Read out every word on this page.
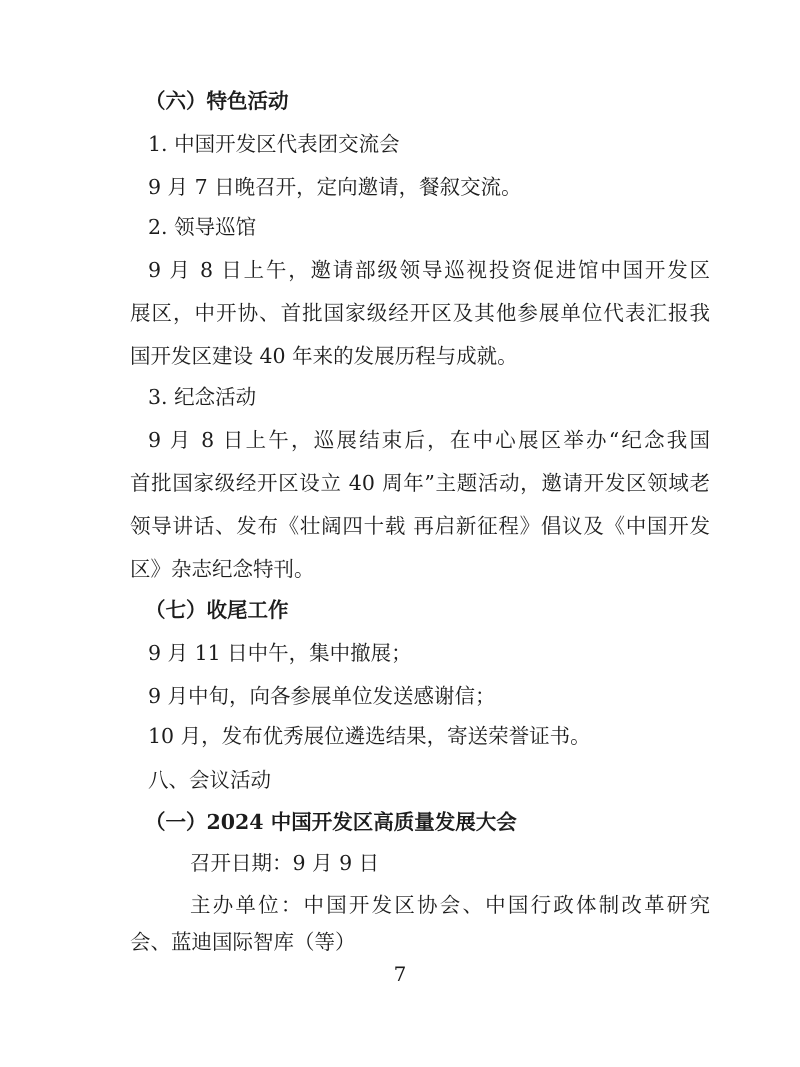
（六）特色活动
1. 中国开发区代表团交流会
9 月 7 日晚召开，定向邀请，餐叙交流。
2. 领导巡馆
9 月 8 日上午，邀请部级领导巡视投资促进馆中国开发区
展区，中开协、首批国家级经开区及其他参展单位代表汇报我
国开发区建设 40 年来的发展历程与成就。
3. 纪念活动
9 月 8 日上午，巡展结束后，在中心展区举办“纪念我国
首批国家级经开区设立 40 周年”主题活动，邀请开发区领域老
领导讲话、发布《壮阔四十载 再启新征程》倡议及《中国开发
区》杂志纪念特刊。
（七）收尾工作
9 月 11 日中午，集中撤展；
9 月中旬，向各参展单位发送感谢信；
10 月，发布优秀展位遴选结果，寄送荣誉证书。
八、会议活动
（一）2024 中国开发区高质量发展大会
召开日期：9 月 9 日
主办单位：中国开发区协会、中国行政体制改革研究
会、蓝迪国际智库（等）
7
